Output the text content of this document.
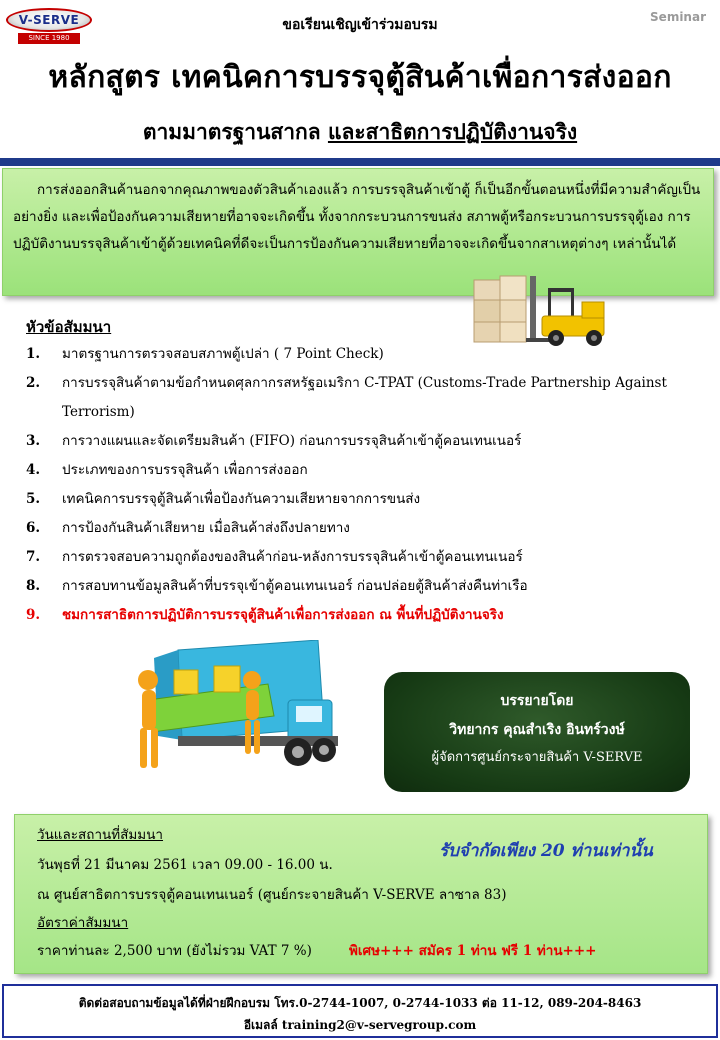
V-SERVE
SINCE 1980
Seminar
ขอเรียนเชิญเข้าร่วมอบรม
หลักสูตร เทคนิคการบรรจุตู้สินค้าเพื่อการส่งออก
ตามมาตรฐานสากล และสาธิตการปฏิบัติงานจริง

การส่งออกสินค้านอกจากคุณภาพของตัวสินค้าเองแล้ว การบรรจุสินค้าเข้าตู้ ก็เป็นอีกขั้นตอนหนึ่งที่มีความสำคัญเป็นอย่างยิ่ง และเพื่อป้องกันความเสียหายที่อาจจะเกิดขึ้น ทั้งจากกระบวนการขนส่ง สภาพตู้หรือกระบวนการบรรจุตู้เอง การปฏิบัติงานบรรจุสินค้าเข้าตู้ด้วยเทคนิคที่ดีจะเป็นการป้องกันความเสียหายที่อาจจะเกิดขึ้นจากสาเหตุต่างๆ เหล่านั้นได้

หัวข้อสัมมนา
1. มาตรฐานการตรวจสอบสภาพตู้เปล่า ( 7 Point Check)
2. การบรรจุสินค้าตามข้อกำหนดศุลกากรสหรัฐอเมริกา C-TPAT (Customs-Trade Partnership Against Terrorism)
3. การวางแผนและจัดเตรียมสินค้า (FIFO) ก่อนการบรรจุสินค้าเข้าตู้คอนเทนเนอร์
4. ประเภทของการบรรจุสินค้า เพื่อการส่งออก
5. เทคนิคการบรรจุตู้สินค้าเพื่อป้องกันความเสียหายจากการขนส่ง
6. การป้องกันสินค้าเสียหาย เมื่อสินค้าส่งถึงปลายทาง
7. การตรวจสอบความถูกต้องของสินค้าก่อน-หลังการบรรจุสินค้าเข้าตู้คอนเทนเนอร์
8. การสอบทานข้อมูลสินค้าที่บรรจุเข้าตู้คอนเทนเนอร์ ก่อนปล่อยตู้สินค้าส่งคืนท่าเรือ
9. ชมการสาธิตการปฏิบัติการบรรจุตู้สินค้าเพื่อการส่งออก ณ พื้นที่ปฏิบัติงานจริง
บรรยายโดย
วิทยากร คุณสำเริง อินทร์วงษ์
ผู้จัดการศูนย์กระจายสินค้า V-SERVE
วันและสถานที่สัมมนา
รับจำกัดเพียง 20 ท่านเท่านั้น
วันพุธที่ 21 มีนาคม 2561 เวลา 09.00 - 16.00 น.
ณ ศูนย์สาธิตการบรรจุตู้คอนเทนเนอร์ (ศูนย์กระจายสินค้า V-SERVE ลาซาล 83)
อัตราค่าสัมมนา
ราคาท่านละ 2,500 บาท (ยังไม่รวม VAT 7 %)	พิเศษ+++ สมัคร 1 ท่าน ฟรี 1 ท่าน+++
ติดต่อสอบถามข้อมูลได้ที่ฝ่ายฝึกอบรม โทร.0-2744-1007, 0-2744-1033 ต่อ 11-12, 089-204-8463
อีเมลล์ training2@v-servegroup.com
